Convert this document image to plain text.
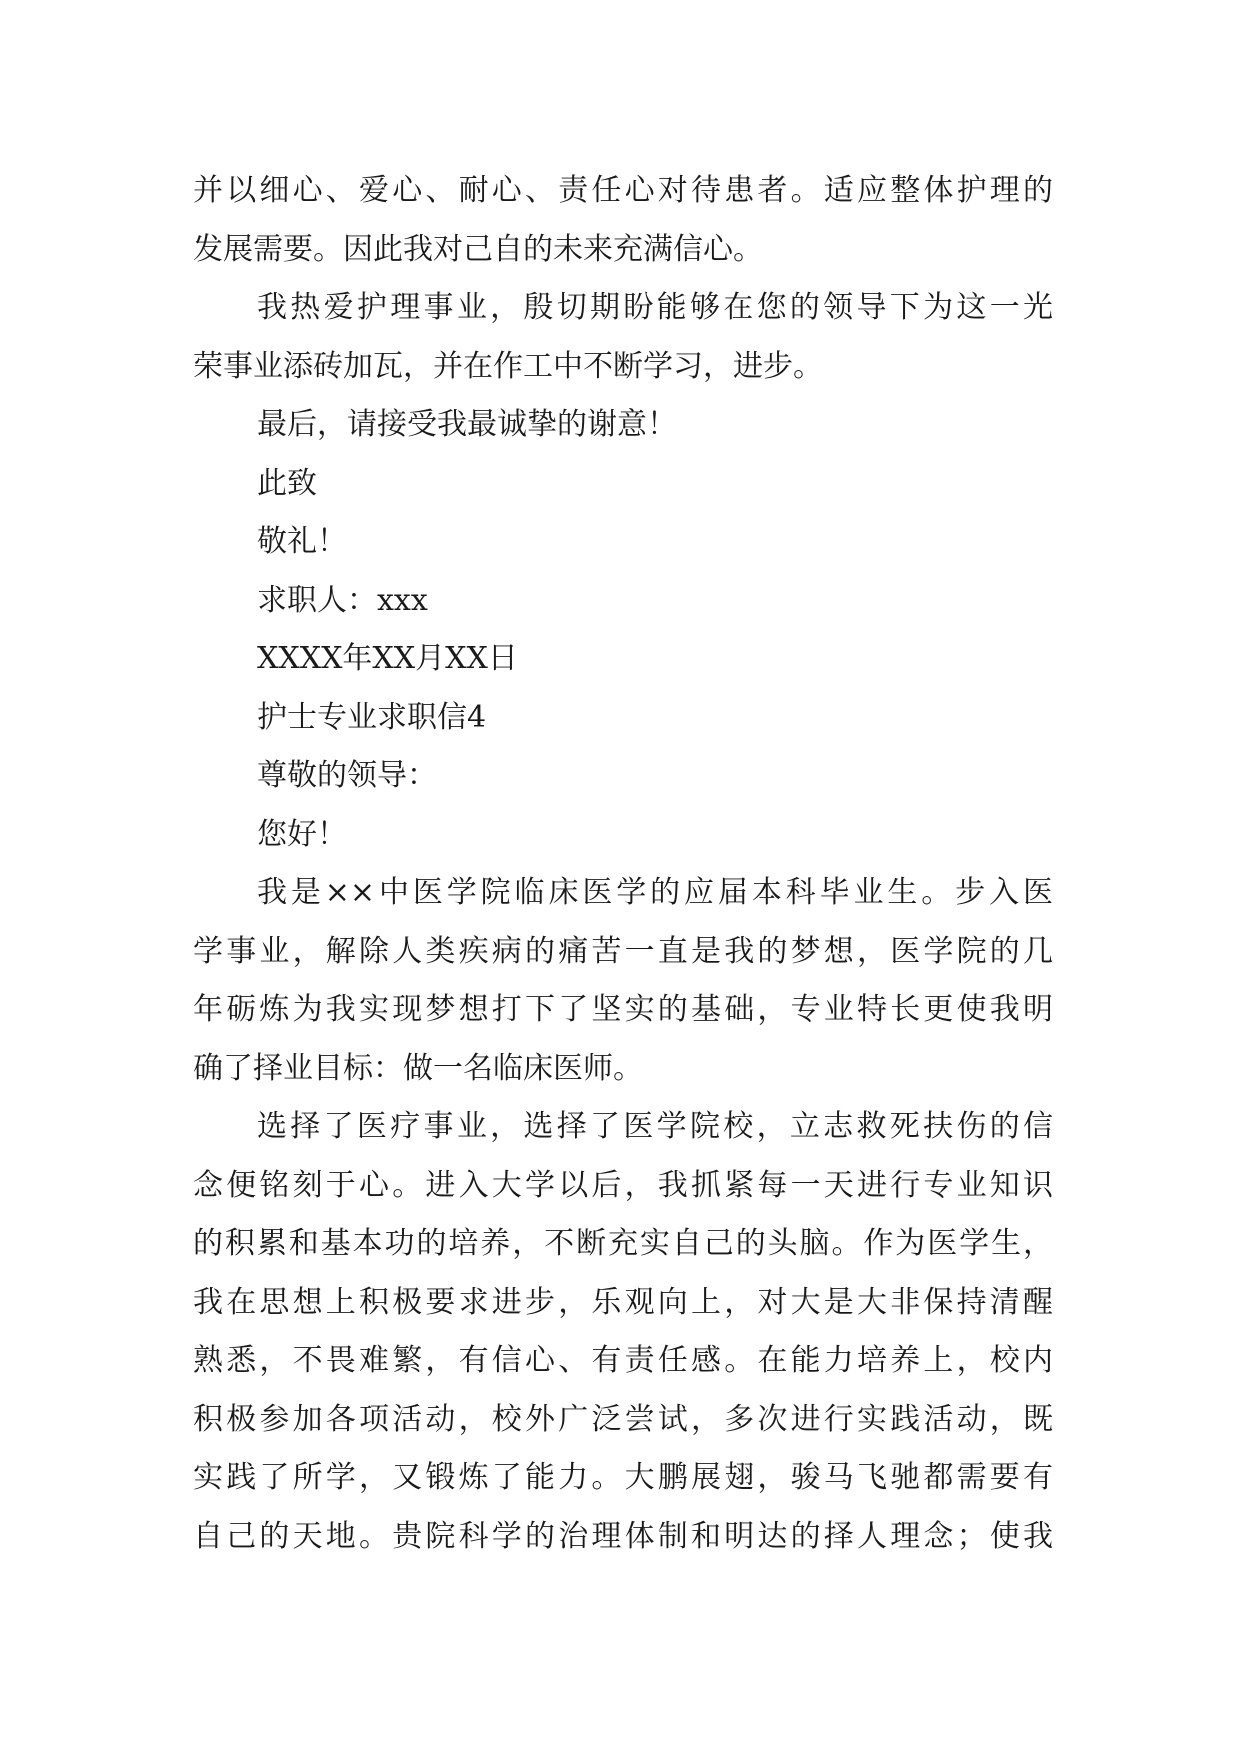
并以细心、爱心、耐心、责任心对待患者。适应整体护理的
发展需要。因此我对己自的未来充满信心。
我热爱护理事业，殷切期盼能够在您的领导下为这一光
荣事业添砖加瓦，并在作工中不断学习，进步。
最后，请接受我最诚挚的谢意！
此致
敬礼！
求职人：xxx
XXXX年XX月XX日
护士专业求职信4
尊敬的领导：
您好！
我是××中医学院临床医学的应届本科毕业生。步入医
学事业，解除人类疾病的痛苦一直是我的梦想，医学院的几
年砺炼为我实现梦想打下了坚实的基础，专业特长更使我明
确了择业目标：做一名临床医师。
选择了医疗事业，选择了医学院校，立志救死扶伤的信
念便铭刻于心。进入大学以后，我抓紧每一天进行专业知识
的积累和基本功的培养，不断充实自己的头脑。作为医学生，
我在思想上积极要求进步，乐观向上，对大是大非保持清醒
熟悉，不畏难繁，有信心、有责任感。在能力培养上，校内
积极参加各项活动，校外广泛尝试，多次进行实践活动，既
实践了所学，又锻炼了能力。大鹏展翅，骏马飞驰都需要有
自己的天地。贵院科学的治理体制和明达的择人理念；使我
